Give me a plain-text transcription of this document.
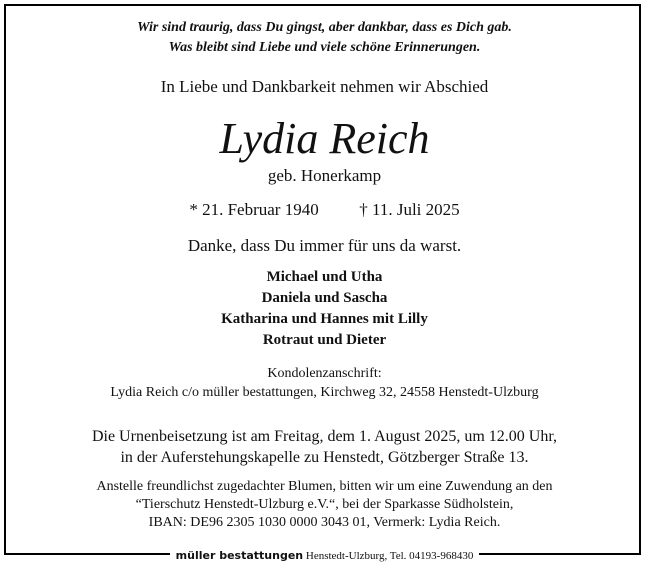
Wir sind traurig, dass Du gingst, aber dankbar, dass es Dich gab.
Was bleibt sind Liebe und viele schöne Erinnerungen.
In Liebe und Dankbarkeit nehmen wir Abschied
Lydia Reich
geb. Honerkamp
* 21. Februar 1940 † 11. Juli 2025
Danke, dass Du immer für uns da warst.
Michael und Utha
Daniela und Sascha
Katharina und Hannes mit Lilly
Rotraut und Dieter
Kondolenzanschrift:
Lydia Reich c/o müller bestattungen, Kirchweg 32, 24558 Henstedt-Ulzburg
Die Urnenbeisetzung ist am Freitag, dem 1. August 2025, um 12.00 Uhr,
in der Auferstehungskapelle zu Henstedt, Götzberger Straße 13.
Anstelle freundlichst zugedachter Blumen, bitten wir um eine Zuwendung an den
“Tierschutz Henstedt-Ulzburg e.V.“, bei der Sparkasse Südholstein,
IBAN: DE96 2305 1030 0000 3043 01, Vermerk: Lydia Reich.
müller bestattungen Henstedt-Ulzburg, Tel. 04193-968430
